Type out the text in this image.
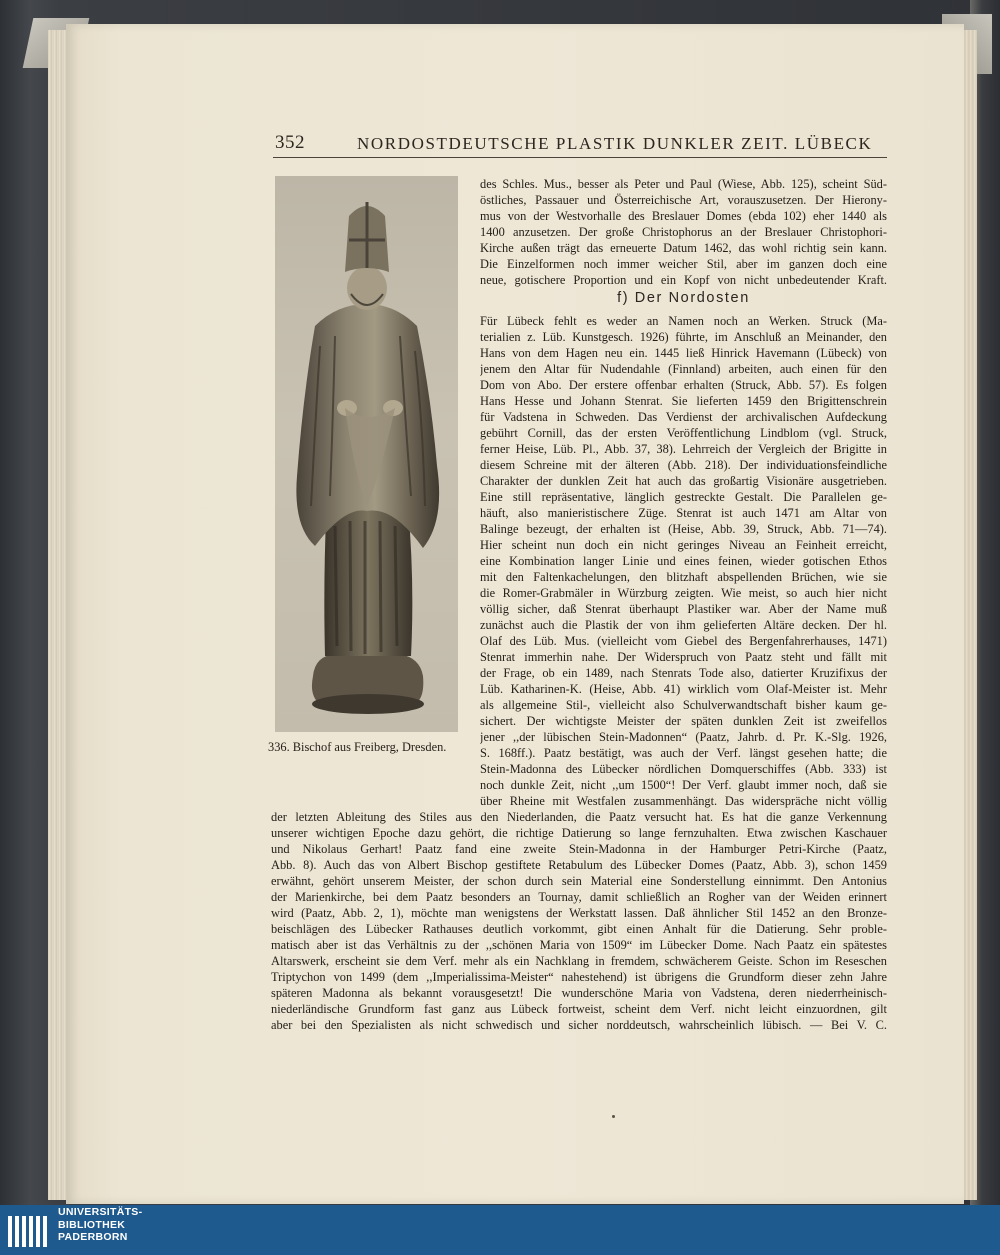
352	NORDOSTDEUTSCHE PLASTIK DUNKLER ZEIT. LÜBECK
336. Bischof aus Freiberg, Dresden.
des Schles. Mus., besser als Peter und Paul (Wiese, Abb. 125), scheint Süd-
östliches, Passauer und Österreichische Art, vorauszusetzen. Der Hierony-
mus von der Westvorhalle des Breslauer Domes (ebda 102) eher 1440 als
1400 anzusetzen. Der große Christophorus an der Breslauer Christophori-
Kirche außen trägt das erneuerte Datum 1462, das wohl richtig sein kann.
Die Einzelformen noch immer weicher Stil, aber im ganzen doch eine
neue, gotischere Proportion und ein Kopf von nicht unbedeutender Kraft.
f) Der Nordosten
Für Lübeck fehlt es weder an Namen noch an Werken. Struck (Ma-
terialien z. Lüb. Kunstgesch. 1926) führte, im Anschluß an Meinander, den
Hans von dem Hagen neu ein. 1445 ließ Hinrick Havemann (Lübeck) von
jenem den Altar für Nudendahle (Finnland) arbeiten, auch einen für den
Dom von Abo. Der erstere offenbar erhalten (Struck, Abb. 57). Es folgen
Hans Hesse und Johann Stenrat. Sie lieferten 1459 den Brigittenschrein
für Vadstena in Schweden. Das Verdienst der archivalischen Aufdeckung
gebührt Cornill, das der ersten Veröffentlichung Lindblom (vgl. Struck,
ferner Heise, Lüb. Pl., Abb. 37, 38). Lehrreich der Vergleich der Brigitte in
diesem Schreine mit der älteren (Abb. 218). Der individuationsfeindliche
Charakter der dunklen Zeit hat auch das großartig Visionäre ausgetrieben.
Eine still repräsentative, länglich gestreckte Gestalt. Die Parallelen ge-
häuft, also manieristischere Züge. Stenrat ist auch 1471 am Altar von
Balinge bezeugt, der erhalten ist (Heise, Abb. 39, Struck, Abb. 71—74).
Hier scheint nun doch ein nicht geringes Niveau an Feinheit erreicht,
eine Kombination langer Linie und eines feinen, wieder gotischen Ethos
mit den Faltenkachelungen, den blitzhaft abspellenden Brüchen, wie sie
die Romer-Grabmäler in Würzburg zeigten. Wie meist, so auch hier nicht
völlig sicher, daß Stenrat überhaupt Plastiker war. Aber der Name muß
zunächst auch die Plastik der von ihm gelieferten Altäre decken. Der hl.
Olaf des Lüb. Mus. (vielleicht vom Giebel des Bergenfahrerhauses, 1471)
Stenrat immerhin nahe. Der Widerspruch von Paatz steht und fällt mit
der Frage, ob ein 1489, nach Stenrats Tode also, datierter Kruzifixus der
Lüb. Katharinen-K. (Heise, Abb. 41) wirklich vom Olaf-Meister ist. Mehr
als allgemeine Stil-, vielleicht also Schulverwandtschaft bisher kaum ge-
sichert. Der wichtigste Meister der späten dunklen Zeit ist zweifellos
jener ,,der lübischen Stein-Madonnen“ (Paatz, Jahrb. d. Pr. K.-Slg. 1926,
S. 168ff.). Paatz bestätigt, was auch der Verf. längst gesehen hatte; die
Stein-Madonna des Lübecker nördlichen Domquerschiffes (Abb. 333) ist
noch dunkle Zeit, nicht ,,um 1500“! Der Verf. glaubt immer noch, daß sie
über Rheine mit Westfalen zusammenhängt. Das widerspräche nicht völlig
der letzten Ableitung des Stiles aus den Niederlanden, die Paatz versucht hat. Es hat die ganze Verkennung
unserer wichtigen Epoche dazu gehört, die richtige Datierung so lange fernzuhalten. Etwa zwischen Kaschauer
und Nikolaus Gerhart! Paatz fand eine zweite Stein-Madonna in der Hamburger Petri-Kirche (Paatz,
Abb. 8). Auch das von Albert Bischop gestiftete Retabulum des Lübecker Domes (Paatz, Abb. 3), schon 1459
erwähnt, gehört unserem Meister, der schon durch sein Material eine Sonderstellung einnimmt. Den Antonius
der Marienkirche, bei dem Paatz besonders an Tournay, damit schließlich an Rogher van der Weiden erinnert
wird (Paatz, Abb. 2, 1), möchte man wenigstens der Werkstatt lassen. Daß ähnlicher Stil 1452 an den Bronze-
beischlägen des Lübecker Rathauses deutlich vorkommt, gibt einen Anhalt für die Datierung. Sehr proble-
matisch aber ist das Verhältnis zu der ,,schönen Maria von 1509“ im Lübecker Dome. Nach Paatz ein spätestes
Altarswerk, erscheint sie dem Verf. mehr als ein Nachklang in fremdem, schwächerem Geiste. Schon im Reseschen
Triptychon von 1499 (dem ,,Imperialissima-Meister“ nahestehend) ist übrigens die Grundform dieser zehn Jahre
späteren Madonna als bekannt vorausgesetzt! Die wunderschöne Maria von Vadstena, deren niederrheinisch-
niederländische Grundform fast ganz aus Lübeck fortweist, scheint dem Verf. nicht leicht einzuordnen, gilt
aber bei den Spezialisten als nicht schwedisch und sicher norddeutsch, wahrscheinlich lübisch. — Bei V. C.
UNIVERSITÄTS-
BIBLIOTHEK
PADERBORN
